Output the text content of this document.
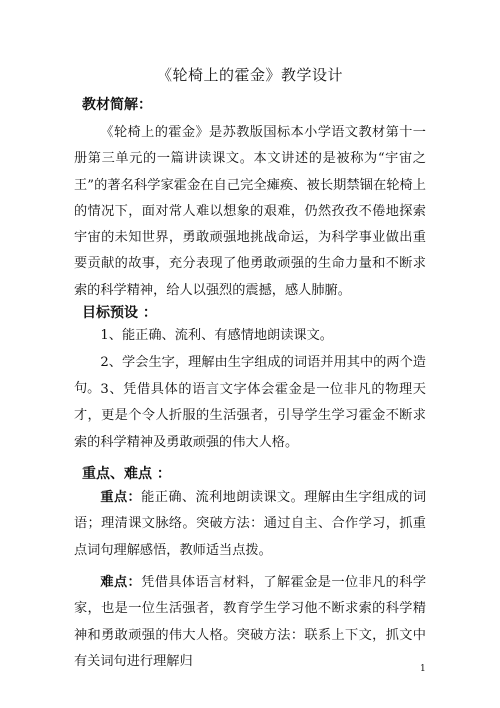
《轮椅上的霍金》教学设计
教材简解：

《轮椅上的霍金》是苏教版国标本小学语文教材第十一册第三单元的一篇讲读课文。本文讲述的是被称为“宇宙之王”的著名科学家霍金在自己完全瘫痪、被长期禁锢在轮椅上的情况下，面对常人难以想象的艰难，仍然孜孜不倦地探索宇宙的未知世界，勇敢顽强地挑战命运，为科学事业做出重要贡献的故事，充分表现了他勇敢顽强的生命力量和不断求索的科学精神，给人以强烈的震撼，感人肺腑。

目标预设 ：

1、能正确、流利、有感情地朗读课文。

2、学会生字，理解由生字组成的词语并用其中的两个造句。 3、凭借具体的语言文字体会霍金是一位非凡的物理天才，更是个令人折服的生活强者，引导学生学习霍金不断求索的科学精神及勇敢顽强的伟大人格。

重点、难点 ：

重点：能正确、流利地朗读课文。理解由生字组成的词语；理清课文脉络。突破方法：通过自主、合作学习，抓重点词句理解感悟，教师适当点拨。

难点：凭借具体语言材料，了解霍金是一位非凡的科学家，也是一位生活强者，教育学生学习他不断求索的科学精神和勇敢顽强的伟大人格。突破方法：联系上下文，抓文中有关词句进行理解归

1
